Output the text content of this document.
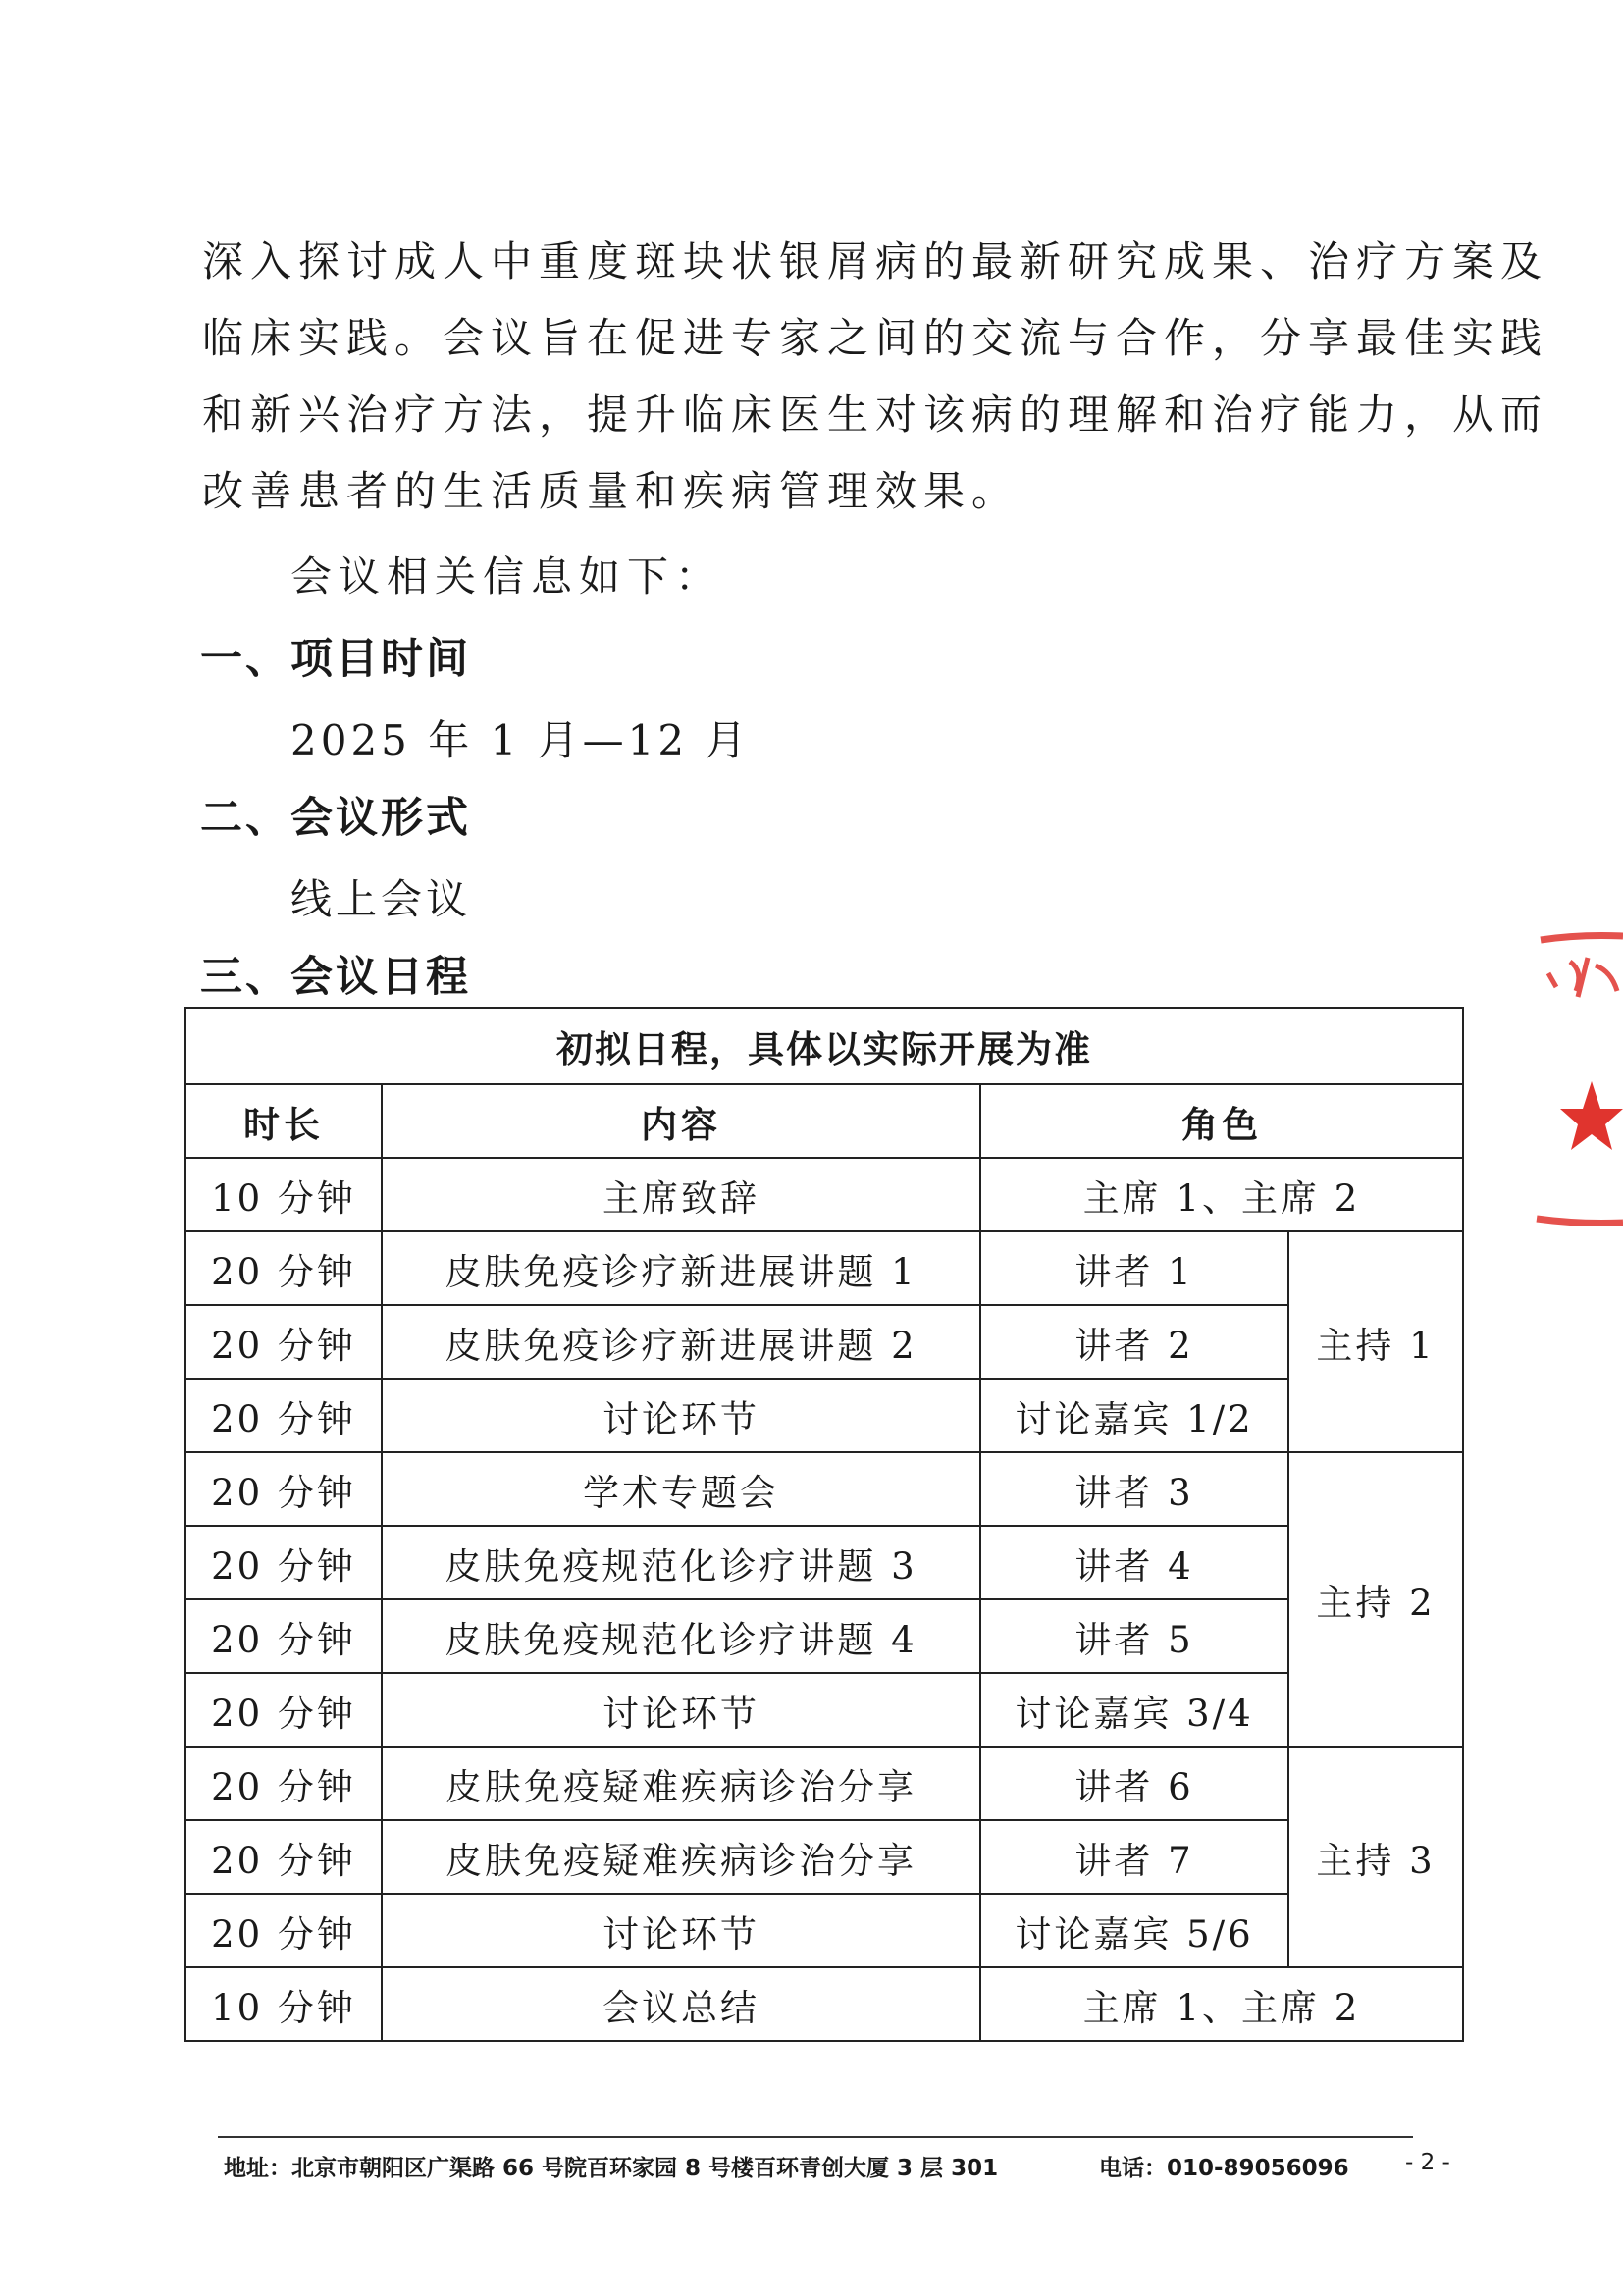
深入探讨成人中重度斑块状银屑病的最新研究成果、治疗方案及
临床实践。会议旨在促进专家之间的交流与合作，分享最佳实践
和新兴治疗方法，提升临床医生对该病的理解和治疗能力，从而
改善患者的生活质量和疾病管理效果。
会议相关信息如下：
一、项目时间
2025 年 1 月—12 月
二、会议形式
线上会议
三、会议日程
初拟日程，具体以实际开展为准			
时长	内容	角色	
10 分钟	主席致辞	主席 1、主席 2	
20 分钟	皮肤免疫诊疗新进展讲题 1	讲者 1	主持 1
20 分钟	皮肤免疫诊疗新进展讲题 2	讲者 2	
20 分钟	讨论环节	讨论嘉宾 1/2	
20 分钟	学术专题会	讲者 3	主持 2
20 分钟	皮肤免疫规范化诊疗讲题 3	讲者 4	
20 分钟	皮肤免疫规范化诊疗讲题 4	讲者 5	
20 分钟	讨论环节	讨论嘉宾 3/4	
20 分钟	皮肤免疫疑难疾病诊治分享	讲者 6	主持 3
20 分钟	皮肤免疫疑难疾病诊治分享	讲者 7	
20 分钟	讨论环节	讨论嘉宾 5/6	
10 分钟	会议总结	主席 1、主席 2	
地址：北京市朝阳区广渠路 66 号院百环家园 8 号楼百环青创大厦 3 层 301	电话：010-89056096 - 2 -
